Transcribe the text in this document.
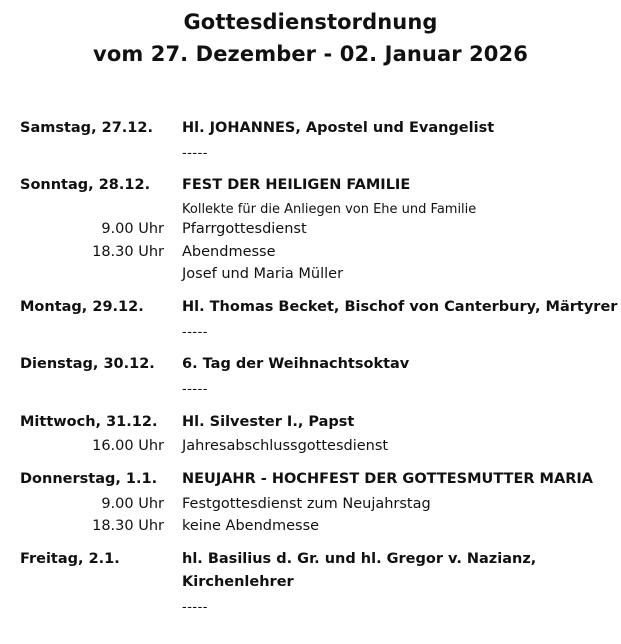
Gottesdienstordnung
vom 27. Dezember - 02. Januar 2026
Samstag, 27.12. Hl. JOHANNES, Apostel und Evangelist
-----
Sonntag, 28.12. FEST DER HEILIGEN FAMILIE
Kollekte für die Anliegen von Ehe und Familie
9.00 Uhr Pfarrgottesdienst
18.30 Uhr Abendmesse
Josef und Maria Müller
Montag, 29.12.	Hl. Thomas Becket, Bischof von Canterbury, Märtyrer
-----
Dienstag, 30.12. 6. Tag der Weihnachtsoktav
-----
Mittwoch, 31.12. Hl. Silvester I., Papst
16.00 Uhr Jahresabschlussgottesdienst
Donnerstag, 1.1. NEUJAHR - HOCHFEST DER GOTTESMUTTER MARIA
9.00 Uhr Festgottesdienst zum Neujahrstag
18.30 Uhr keine Abendmesse
Freitag, 2.1.	hl. Basilius d. Gr. und hl. Gregor v. Nazianz,
Kirchenlehrer
-----
